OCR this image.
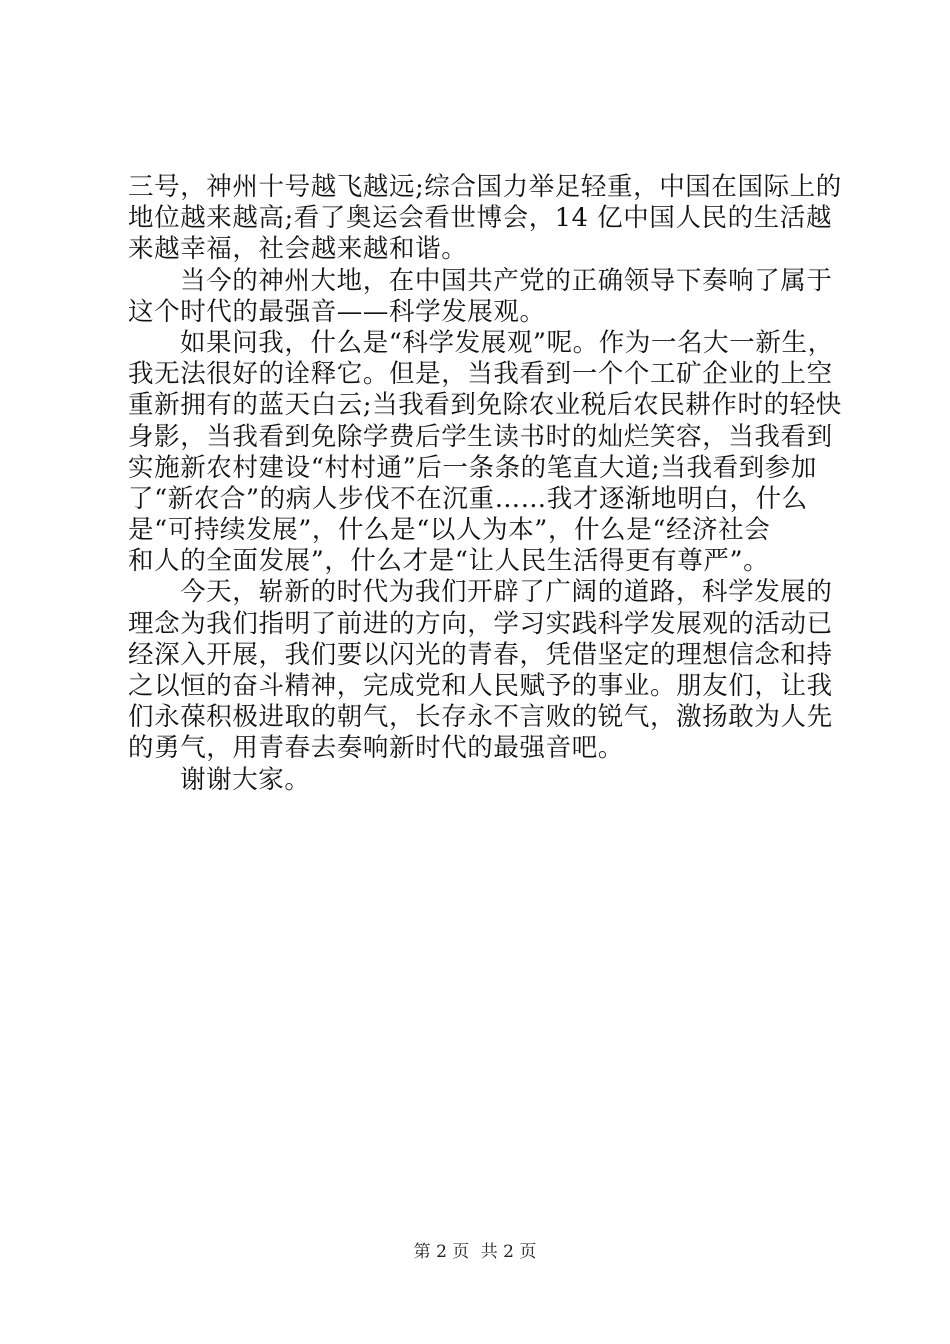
三号，神州十号越飞越远;综合国力举足轻重，中国在国际上的
地位越来越高;看了奥运会看世博会，14 亿中国人民的生活越
来越幸福，社会越来越和谐。
当今的神州大地，在中国共产党的正确领导下奏响了属于
这个时代的最强音——科学发展观。
如果问我，什么是“科学发展观”呢。作为一名大一新生，
我无法很好的诠释它。但是，当我看到一个个工矿企业的上空
重新拥有的蓝天白云;当我看到免除农业税后农民耕作时的轻快
身影，当我看到免除学费后学生读书时的灿烂笑容，当我看到
实施新农村建设“村村通”后一条条的笔直大道;当我看到参加
了“新农合”的病人步伐不在沉重……我才逐渐地明白，什么
是“可持续发展”，什么是“以人为本”，什么是“经济社会
和人的全面发展”，什么才是“让人民生活得更有尊严”。
今天，崭新的时代为我们开辟了广阔的道路，科学发展的
理念为我们指明了前进的方向，学习实践科学发展观的活动已
经深入开展，我们要以闪光的青春，凭借坚定的理想信念和持
之以恒的奋斗精神，完成党和人民赋予的事业。朋友们，让我
们永葆积极进取的朝气，长存永不言败的锐气，激扬敢为人先
的勇气，用青春去奏响新时代的最强音吧。
谢谢大家。
第 2 页 共 2 页
